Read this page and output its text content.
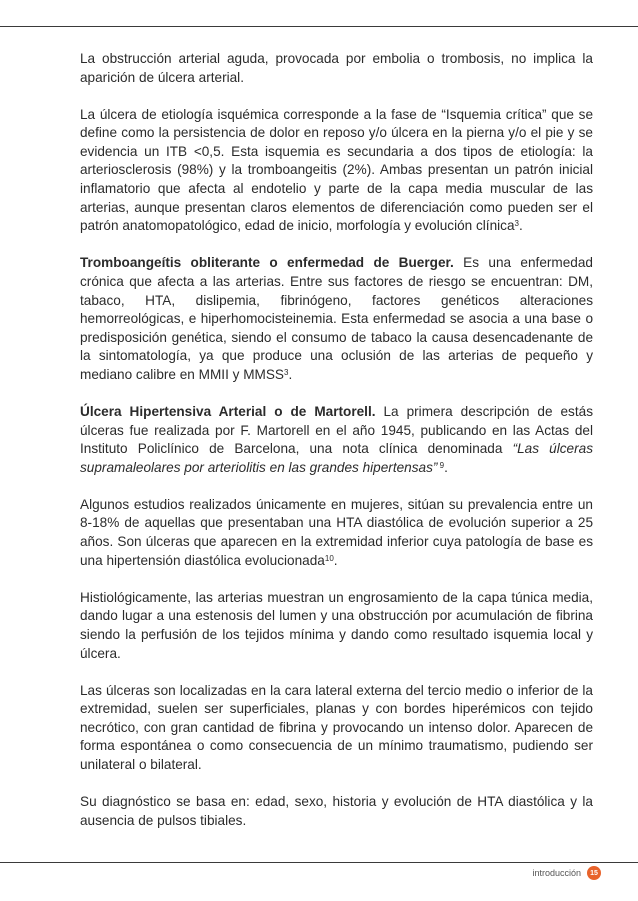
La obstrucción arterial aguda, provocada por embolia o trombosis, no implica la aparición de úlcera arterial.

La úlcera de etiología isquémica corresponde a la fase de “Isquemia crítica” que se define como la persistencia de dolor en reposo y/o úlcera en la pierna y/o el pie y se evidencia un ITB <0,5. Esta isquemia es secundaria a dos tipos de etiología: la arteriosclerosis (98%) y la tromboangeitis (2%). Ambas presentan un patrón inicial inflamatorio que afecta al endotelio y parte de la capa media muscular de las arterias, aunque presentan claros elementos de diferenciación como pueden ser el patrón anatomopatológico, edad de inicio, morfología y evolución clínica$^3$.

Tromboangeítis obliterante o enfermedad de Buerger. Es una enfermedad crónica que afecta a las arterias. Entre sus factores de riesgo se encuentran: DM, tabaco, HTA, dislipemia, fibrinógeno, factores genéticos alteraciones hemorreológicas, e hiperhomocisteinemia. Esta enfermedad se asocia a una base o predisposición genética, siendo el consumo de tabaco la causa desencadenante de la sintomatología, ya que produce una oclusión de las arterias de pequeño y mediano calibre en MMII y MMSS$^3$.

Úlcera Hipertensiva Arterial o de Martorell. La primera descripción de estás úlceras fue realizada por F. Martorell en el año 1945, publicando en las Actas del Instituto Policlínico de Barcelona, una nota clínica denominada “Las úlceras supramaleolares por arteriolitis en las grandes hipertensas” $^9$.

Algunos estudios realizados únicamente en mujeres, sitúan su prevalencia entre un 8-18% de aquellas que presentaban una HTA diastólica de evolución superior a 25 años. Son úlceras que aparecen en la extremidad inferior cuya patología de base es una hipertensión diastólica evolucionada$^{10}$.

Histiológicamente, las arterias muestran un engrosamiento de la capa túnica media, dando lugar a una estenosis del lumen y una obstrucción por acumulación de fibrina siendo la perfusión de los tejidos mínima y dando como resultado isquemia local y úlcera.

Las úlceras son localizadas en la cara lateral externa del tercio medio o inferior de la extremidad, suelen ser superficiales, planas y con bordes hiperémicos con tejido necrótico, con gran cantidad de fibrina y provocando un intenso dolor. Aparecen de forma espontánea o como consecuencia de un mínimo traumatismo, pudiendo ser unilateral o bilateral.

Su diagnóstico se basa en: edad, sexo, historia y evolución de HTA diastólica y la ausencia de pulsos tibiales.

introducción	15
